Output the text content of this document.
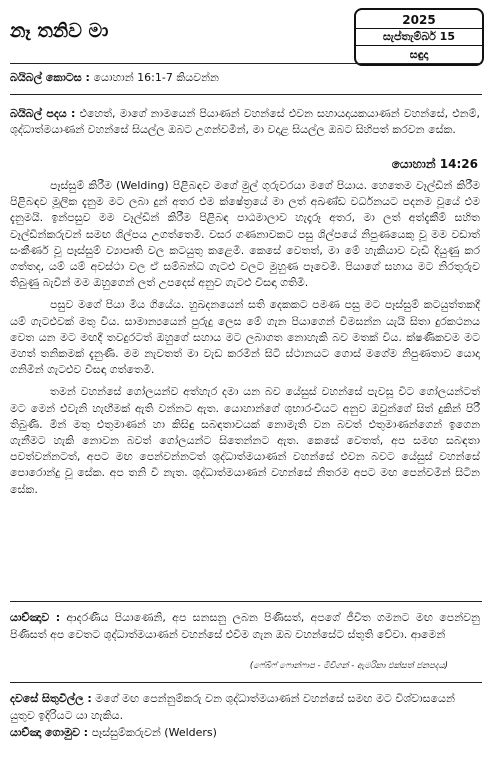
නෑ තනිව මා	2025
සැප්තැම්බර් 15
සඳුදා
බයිබල් කොටස : යොහාන් 16:1-7 කියවන්න
බයිබල් පදය : එහෙත්, මාගේ නාමයෙන් පියාණන් වහන්සේ එවන සහායදායකයාණන් වහන්සේ, එනම්, ශුද්ධාත්මයාණන් වහන්සේ සියල්ල ඔබට උගන්වමින්, මා වදාළ සියල්ල ඔබට සිහිපත් කරවන සේක.
යොහාන් 14:26

පෑස්සුම් කිරීම (Welding) පිළිබඳව මගේ මුල් ගුරුවරයා මගේ පියාය. හෙතෙම වෑල්ඩින් කිරීම පිළිබඳව මූලික දැනුම මට ලබා දුන් අතර එම ක්ෂේත්‍රයේ මා ලත් අඛණ්ඩ වර්ධනයට පදනම වූයේ එම දැනුමයි. ඉන්පසුව මම වෑල්ඩින් කිරීම පිළිබඳ පාඨමාලාව හැදෑරූ අතර, මා ලත් අත්දැකීම් සහිත වෑල්ඩින්කරුවන් සමඟ ශිල්පය උගත්තෙමි. වසර ගණනාවකට පසු ශිල්පයේ නිපුණයෙකු වූ මම වඩාත් සංකීර්ණ වූ පෑස්සුම් ව්‍යාපෘති වල කටයුතු කළෙමි. කෙසේ වෙතත්, මා මේ හැකියාව වැඩි දියුණු කර ගත්තද, යම් යම් අවස්ථා වල ඒ සම්බන්ධ ගැටළු වලට මුහුණ පෑවෙමි. පියාගේ සහාය මට නිරතුරුව තිබුණු බැවින් මම ඔහුගෙන් ලත් උපදෙස් අනුව ගැටළු විසඳා ගතිමි.

පසුව මගේ පියා මිය ගියේය. හුඛදනයෙන් සති දෙකකට පමණ පසු මට පෑස්සුම් කටයුත්තකදී යම් ගැටළුවක් මතු විය. සාමාන්‍යයෙන් පුරුදු ලෙස මේ ගැන පියාගෙන් විමසන්න යැයි සිතා දුරකථනය වෙත යන මට මඟදී තවදුරටත් ඔහුගේ සහාය මට ලබාගත නොහැකි බව මතක් විය. ක්ෂණිකවම මට මහත් තනිකමක් දැනුණි. මම නැවතත් මා වැඩ කරමින් සිටි ස්ථානයට ගොස් මගේම නිපුණතාව යොදා ගනිමින් ගැටළුව විසඳා ගත්තෙමි.

තමන් වහන්සේ ගෝලයන්ව අත්හැර දමා යන බව යේසුස් වහන්සේ පැවසූ විට ගෝලයන්ටත් මට මෙන් එවැනි හැඟීමක් ඇති වන්නට ඇත. යොහාන්ගේ ශුභාරංචියට අනුව ඔවුන්ගේ සිත් දුකින් පිරී තිබුණි. මින් මතු එතුමාණන් හා කිසිඳු සබඳතාවයක් නොමැති වන බවත් එතුමාණන්ගෙන් ඉගෙන ගැනීමට හැකි නොවන බවත් ගෝලයන්ට සිතෙන්නට ඇත. කෙසේ වෙතත්, අප සමඟ සබඳතා පවත්වන්නටත්, අපට මඟ පෙන්වන්නටත් ශුද්ධාත්මයාණන් වහන්සේ එවන බවට යේසුස් වහන්සේ පොරොන්දු වූ සේක. අප තනි වී නැත. ශුද්ධාත්මයාණන් වහන්සේ නිතරම අපට මඟ පෙන්වමින් සිටින සේක.

යාච්ඤාව : ආදරණීය පියාණෙනි, අප සනසනු ලබන පිණිසත්, අපගේ ජීවිත ගමනට මඟ පෙන්වනු පිණිසත් අප වෙතට ශුද්ධාත්මයාණන් වහන්සේ එවීම ගැන ඔබ වහන්සේට ස්තුති වේවා. ආමෙන්
(ෆේබිෆ් ෆොන්ෆාප - මිචිගන් - ඇමරිකා එක්සත් ජනපදය)
දවසේ සිතුවිල්ල : මගේ මඟ පෙන්නුම්කරු වන ශුද්ධාත්මයාණන් වහන්සේ සමඟ මට විශ්වාසයෙන් යුතුව ඉදිරියට යා හැකිය.
යාච්ඤා ගොමුව : පෑස්සුම්කරුවන් (Welders)
